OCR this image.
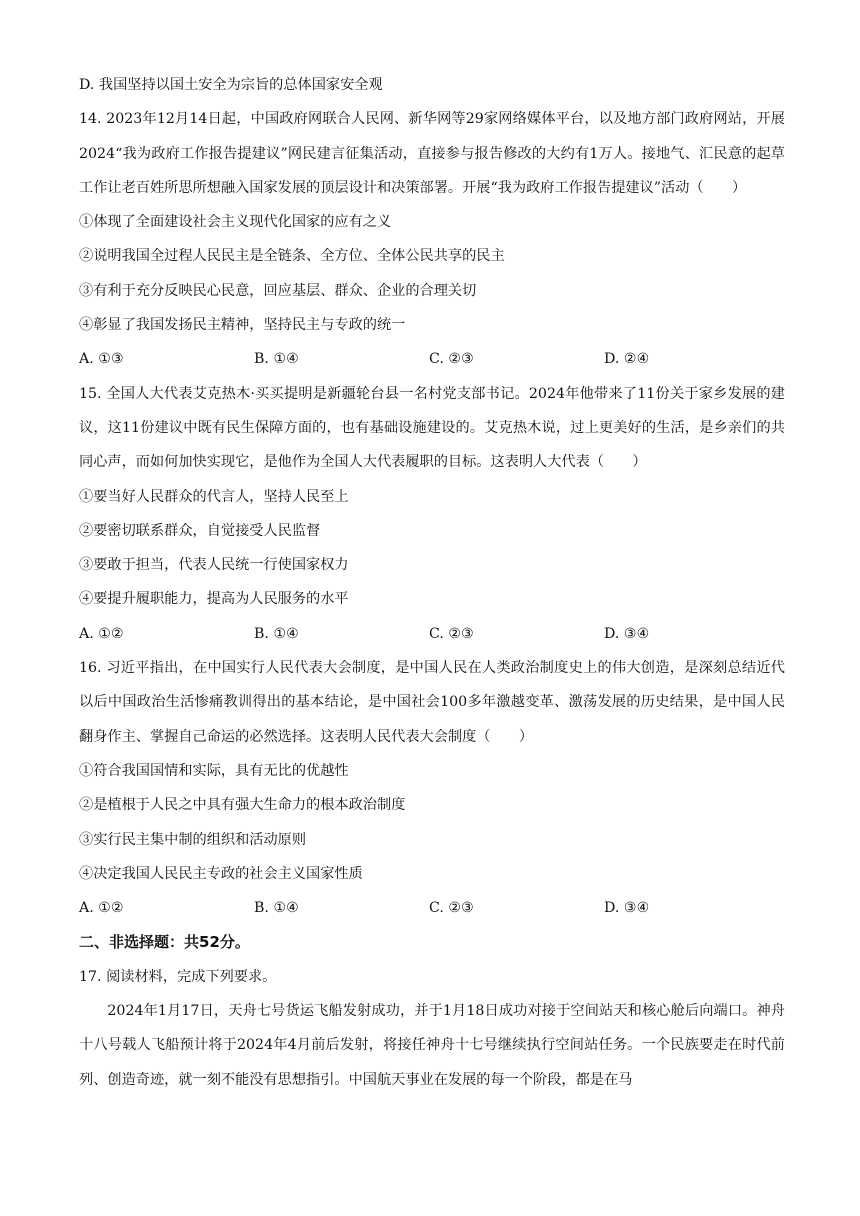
D. 我国坚持以国土安全为宗旨的总体国家安全观
14. 2023年12月14日起，中国政府网联合人民网、新华网等29家网络媒体平台，以及地方部门政府网站，开展2024“我为政府工作报告提建议”网民建言征集活动，直接参与报告修改的大约有1万人。接地气、汇民意的起草工作让老百姓所思所想融入国家发展的顶层设计和决策部署。开展“我为政府工作报告提建议”活动（　　）
①体现了全面建设社会主义现代化国家的应有之义
②说明我国全过程人民民主是全链条、全方位、全体公民共享的民主
③有利于充分反映民心民意，回应基层、群众、企业的合理关切
④彰显了我国发扬民主精神，坚持民主与专政的统一
A. ①③	B. ①④	C. ②③	D. ②④
15. 全国人大代表艾克热木·买买提明是新疆轮台县一名村党支部书记。2024年他带来了11份关于家乡发展的建议，这11份建议中既有民生保障方面的，也有基础设施建设的。艾克热木说，过上更美好的生活，是乡亲们的共同心声，而如何加快实现它，是他作为全国人大代表履职的目标。这表明人大代表（　　）
①要当好人民群众的代言人，坚持人民至上
②要密切联系群众，自觉接受人民监督
③要敢于担当，代表人民统一行使国家权力
④要提升履职能力，提高为人民服务的水平
A. ①②	B. ①④	C. ②③	D. ③④
16. 习近平指出，在中国实行人民代表大会制度，是中国人民在人类政治制度史上的伟大创造，是深刻总结近代以后中国政治生活惨痛教训得出的基本结论，是中国社会100多年激越变革、激荡发展的历史结果，是中国人民翻身作主、掌握自己命运的必然选择。这表明人民代表大会制度（　　）
①符合我国国情和实际，具有无比的优越性
②是植根于人民之中具有强大生命力的根本政治制度
③实行民主集中制的组织和活动原则
④决定我国人民民主专政的社会主义国家性质
A. ①②	B. ①④	C. ②③	D. ③④
二、非选择题：共52分。
17. 阅读材料，完成下列要求。
2024年1月17日，天舟七号货运飞船发射成功，并于1月18日成功对接于空间站天和核心舱后向端口。神舟十八号载人飞船预计将于2024年4月前后发射，将接任神舟十七号继续执行空间站任务。一个民族要走在时代前列、创造奇迹，就一刻不能没有思想指引。中国航天事业在发展的每一个阶段，都是在马
